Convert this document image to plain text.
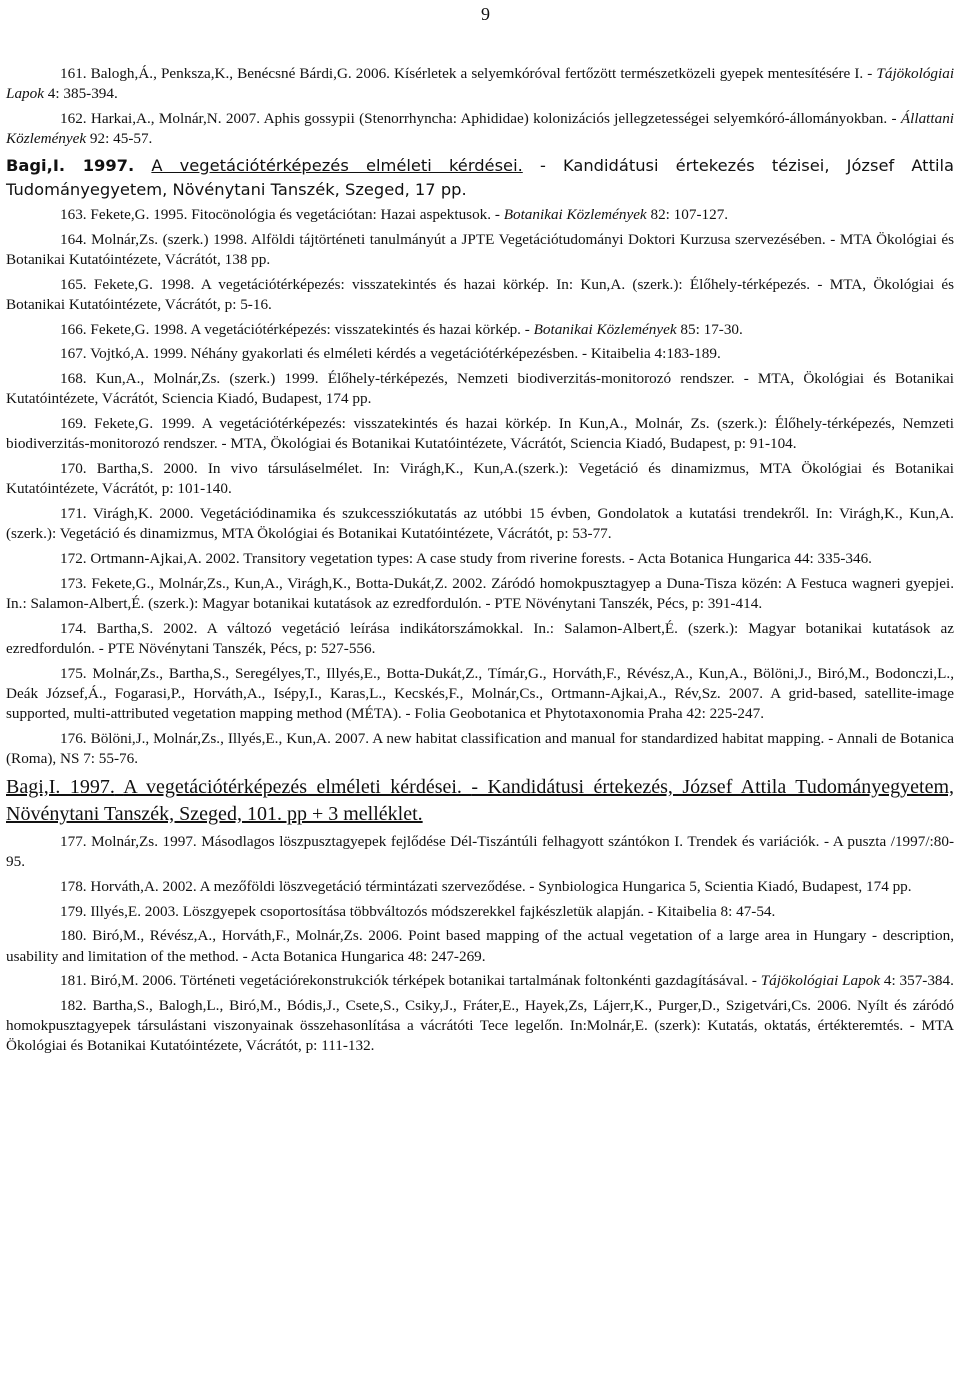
9

161. Balogh,Á., Penksza,K., Benécsné Bárdi,G. 2006. Kísérletek a selyemkóróval fertőzött természetközeli gyepek mentesítésére I. - Tájökológiai Lapok 4: 385-394.

162. Harkai,A., Molnár,N. 2007. Aphis gossypii (Stenorrhyncha: Aphididae) kolonizációs jellegzetességei selyemkóró-állományokban. - Állattani Közlemények 92: 45-57.

Bagi,I. 1997. A vegetációtérképezés elméleti kérdései. - Kandidátusi értekezés tézisei, József Attila Tudományegyetem, Növénytani Tanszék, Szeged, 17 pp.

163. Fekete,G. 1995. Fitocönológia és vegetációtan: Hazai aspektusok. - Botanikai Közlemények 82: 107-127.

164. Molnár,Zs. (szerk.) 1998. Alföldi tájtörténeti tanulmányút a JPTE Vegetációtudományi Doktori Kurzusa szervezésében. - MTA Ökológiai és Botanikai Kutatóintézete, Vácrátót, 138 pp.

165. Fekete,G. 1998. A vegetációtérképezés: visszatekintés és hazai körkép. In: Kun,A. (szerk.): Élőhely-térképezés. - MTA, Ökológiai és Botanikai Kutatóintézete, Vácrátót, p: 5-16.

166. Fekete,G. 1998. A vegetációtérképezés: visszatekintés és hazai körkép. - Botanikai Közlemények 85: 17-30.

167. Vojtkó,A. 1999. Néhány gyakorlati és elméleti kérdés a vegetációtérképezésben. - Kitaibelia 4:183-189.

168. Kun,A., Molnár,Zs. (szerk.) 1999. Élőhely-térképezés, Nemzeti biodiverzitás-monitorozó rendszer. - MTA, Ökológiai és Botanikai Kutatóintézete, Vácrátót, Sciencia Kiadó, Budapest, 174 pp.

169. Fekete,G. 1999. A vegetációtérképezés: visszatekintés és hazai körkép. In Kun,A., Molnár, Zs. (szerk.): Élőhely-térképezés, Nemzeti biodiverzitás-monitorozó rendszer. - MTA, Ökológiai és Botanikai Kutatóintézete, Vácrátót, Sciencia Kiadó, Budapest, p: 91-104.

170. Bartha,S. 2000. In vivo társuláselmélet. In: Virágh,K., Kun,A.(szerk.): Vegetáció és dinamizmus, MTA Ökológiai és Botanikai Kutatóintézete, Vácrátót, p: 101-140.

171. Virágh,K. 2000. Vegetációdinamika és szukcessziókutatás az utóbbi 15 évben, Gondolatok a kutatási trendekről. In: Virágh,K., Kun,A. (szerk.): Vegetáció és dinamizmus, MTA Ökológiai és Botanikai Kutatóintézete, Vácrátót, p: 53-77.

172. Ortmann-Ajkai,A. 2002. Transitory vegetation types: A case study from riverine forests. - Acta Botanica Hungarica 44: 335-346.

173. Fekete,G., Molnár,Zs., Kun,A., Virágh,K., Botta-Dukát,Z. 2002. Záródó homokpusztagyep a Duna-Tisza közén: A Festuca wagneri gyepjei. In.: Salamon-Albert,É. (szerk.): Magyar botanikai kutatások az ezredfordulón. - PTE Növénytani Tanszék, Pécs, p: 391-414.

174. Bartha,S. 2002. A változó vegetáció leírása indikátorszámokkal. In.: Salamon-Albert,É. (szerk.): Magyar botanikai kutatások az ezredfordulón. - PTE Növénytani Tanszék, Pécs, p: 527-556.

175. Molnár,Zs., Bartha,S., Seregélyes,T., Illyés,E., Botta-Dukát,Z., Tímár,G., Horváth,F., Révész,A., Kun,A., Bölöni,J., Biró,M., Bodonczi,L., Deák József,Á., Fogarasi,P., Horváth,A., Isépy,I., Karas,L., Kecskés,F., Molnár,Cs., Ortmann-Ajkai,A., Rév,Sz. 2007. A grid-based, satellite-image supported, multi-attributed vegetation mapping method (MÉTA). - Folia Geobotanica et Phytotaxonomia Praha 42: 225-247.

176. Bölöni,J., Molnár,Zs., Illyés,E., Kun,A. 2007. A new habitat classification and manual for standardized habitat mapping. - Annali de Botanica (Roma), NS 7: 55-76.

Bagi,I. 1997. A vegetációtérképezés elméleti kérdései. - Kandidátusi értekezés, József Attila Tudományegyetem, Növénytani Tanszék, Szeged, 101. pp + 3 melléklet.

177. Molnár,Zs. 1997. Másodlagos löszpusztagyepek fejlődése Dél-Tiszántúli felhagyott szántókon I. Trendek és variációk. - A puszta /1997/:80-95.

178. Horváth,A. 2002. A mezőföldi löszvegetáció términtázati szerveződése. - Synbiologica Hungarica 5, Scientia Kiadó, Budapest, 174 pp.

179. Illyés,E. 2003. Löszgyepek csoportosítása többváltozós módszerekkel fajkészletük alapján. - Kitaibelia 8: 47-54.

180. Biró,M., Révész,A., Horváth,F., Molnár,Zs. 2006. Point based mapping of the actual vegetation of a large area in Hungary - description, usability and limitation of the method. - Acta Botanica Hungarica 48: 247-269.

181. Biró,M. 2006. Történeti vegetációrekonstrukciók térképek botanikai tartalmának foltonkénti gazdagításával. - Tájökológiai Lapok 4: 357-384.

182. Bartha,S., Balogh,L., Biró,M., Bódis,J., Csete,S., Csiky,J., Fráter,E., Hayek,Zs, Lájerr,K., Purger,D., Szigetvári,Cs. 2006. Nyílt és záródó homokpusztagyepek társulástani viszonyainak összehasonlítása a vácrátóti Tece legelőn. In:Molnár,E. (szerk): Kutatás, oktatás, értékteremtés. - MTA Ökológiai és Botanikai Kutatóintézete, Vácrátót, p: 111-132.
